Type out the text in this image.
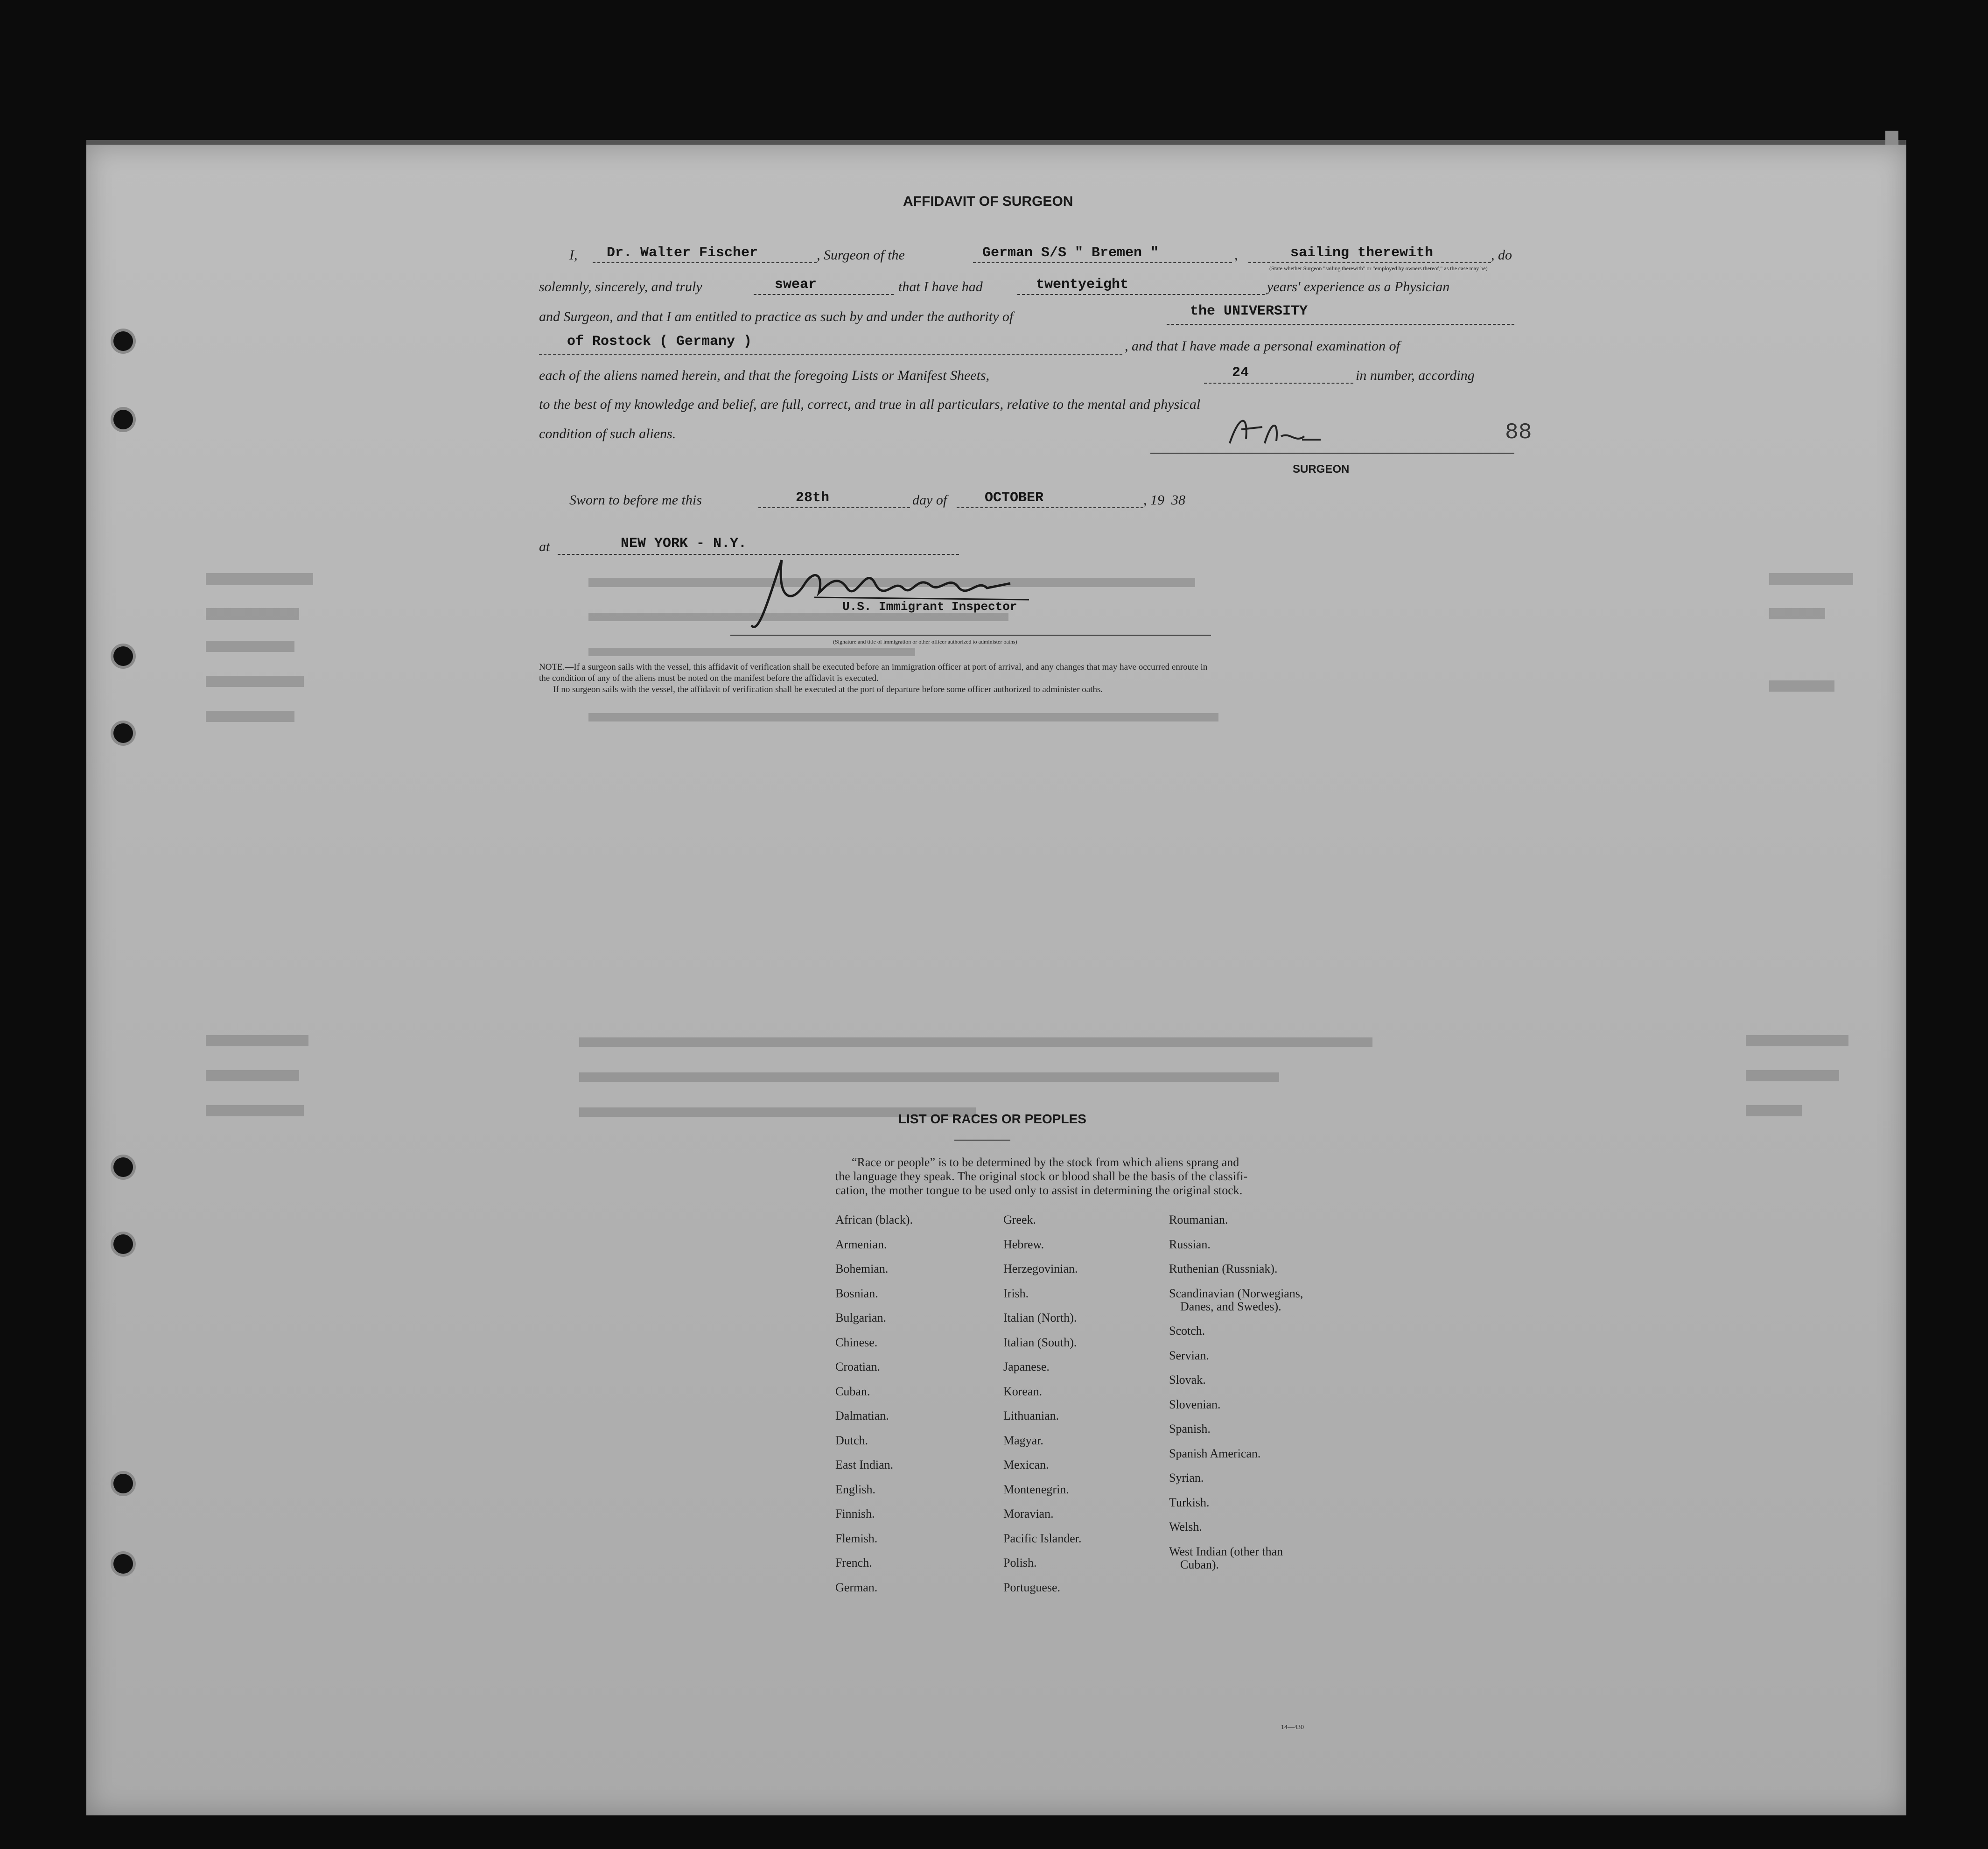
AFFIDAVIT OF SURGEON
I, Dr. Walter Fischer	, Surgeon of the	German S/S " Bremen "	,	sailing therewith	, do
(State whether Surgeon "sailing therewith" or "employed by owners thereof," as the case may be)
solemnly, sincerely, and truly	swear	that I have had	twentyeight	years' experience as a Physician
and Surgeon, and that I am entitled to practice as such by and under the authority of	the UNIVERSITY
of Rostock ( Germany )	, and that I have made a personal examination of
each of the aliens named herein, and that the foregoing Lists or Manifest Sheets,	24	in number, according
to the best of my knowledge and belief, are full, correct, and true in all particulars, relative to the mental and physical
condition of such aliens.
SURGEON
88
Sworn to before me this	28th	day of	OCTOBER	, 19 38
at	NEW YORK - N.Y.
U.S. Immigrant Inspector
(Signature and title of immigration or other officer authorized to administer oaths)
NOTE.—If a surgeon sails with the vessel, this affidavit of verification shall be executed before an immigration officer at port of arrival, and any changes that may have occurred enroute in
the condition of any of the aliens must be noted on the manifest before the affidavit is executed.
If no surgeon sails with the vessel, the affidavit of verification shall be executed at the port of departure before some officer authorized to administer oaths.
LIST OF RACES OR PEOPLES
“Race or people” is to be determined by the stock from which aliens sprang and
the language they speak. The original stock or blood shall be the basis of the classifi-
cation, the mother tongue to be used only to assist in determining the original stock.
African (black).
Armenian.
Bohemian.
Bosnian.
Bulgarian.
Chinese.
Croatian.
Cuban.
Dalmatian.
Dutch.
East Indian.
English.
Finnish.
Flemish.
French.
German.
Greek.
Hebrew.
Herzegovinian.
Irish.
Italian (North).
Italian (South).
Japanese.
Korean.
Lithuanian.
Magyar.
Mexican.
Montenegrin.
Moravian.
Pacific Islander.
Polish.
Portuguese.
Roumanian.
Russian.
Ruthenian (Russniak).
Scandinavian (Norwegians,
Danes, and Swedes).
Scotch.
Servian.
Slovak.
Slovenian.
Spanish.
Spanish American.
Syrian.
Turkish.
Welsh.
West Indian (other than
Cuban).
14—430
